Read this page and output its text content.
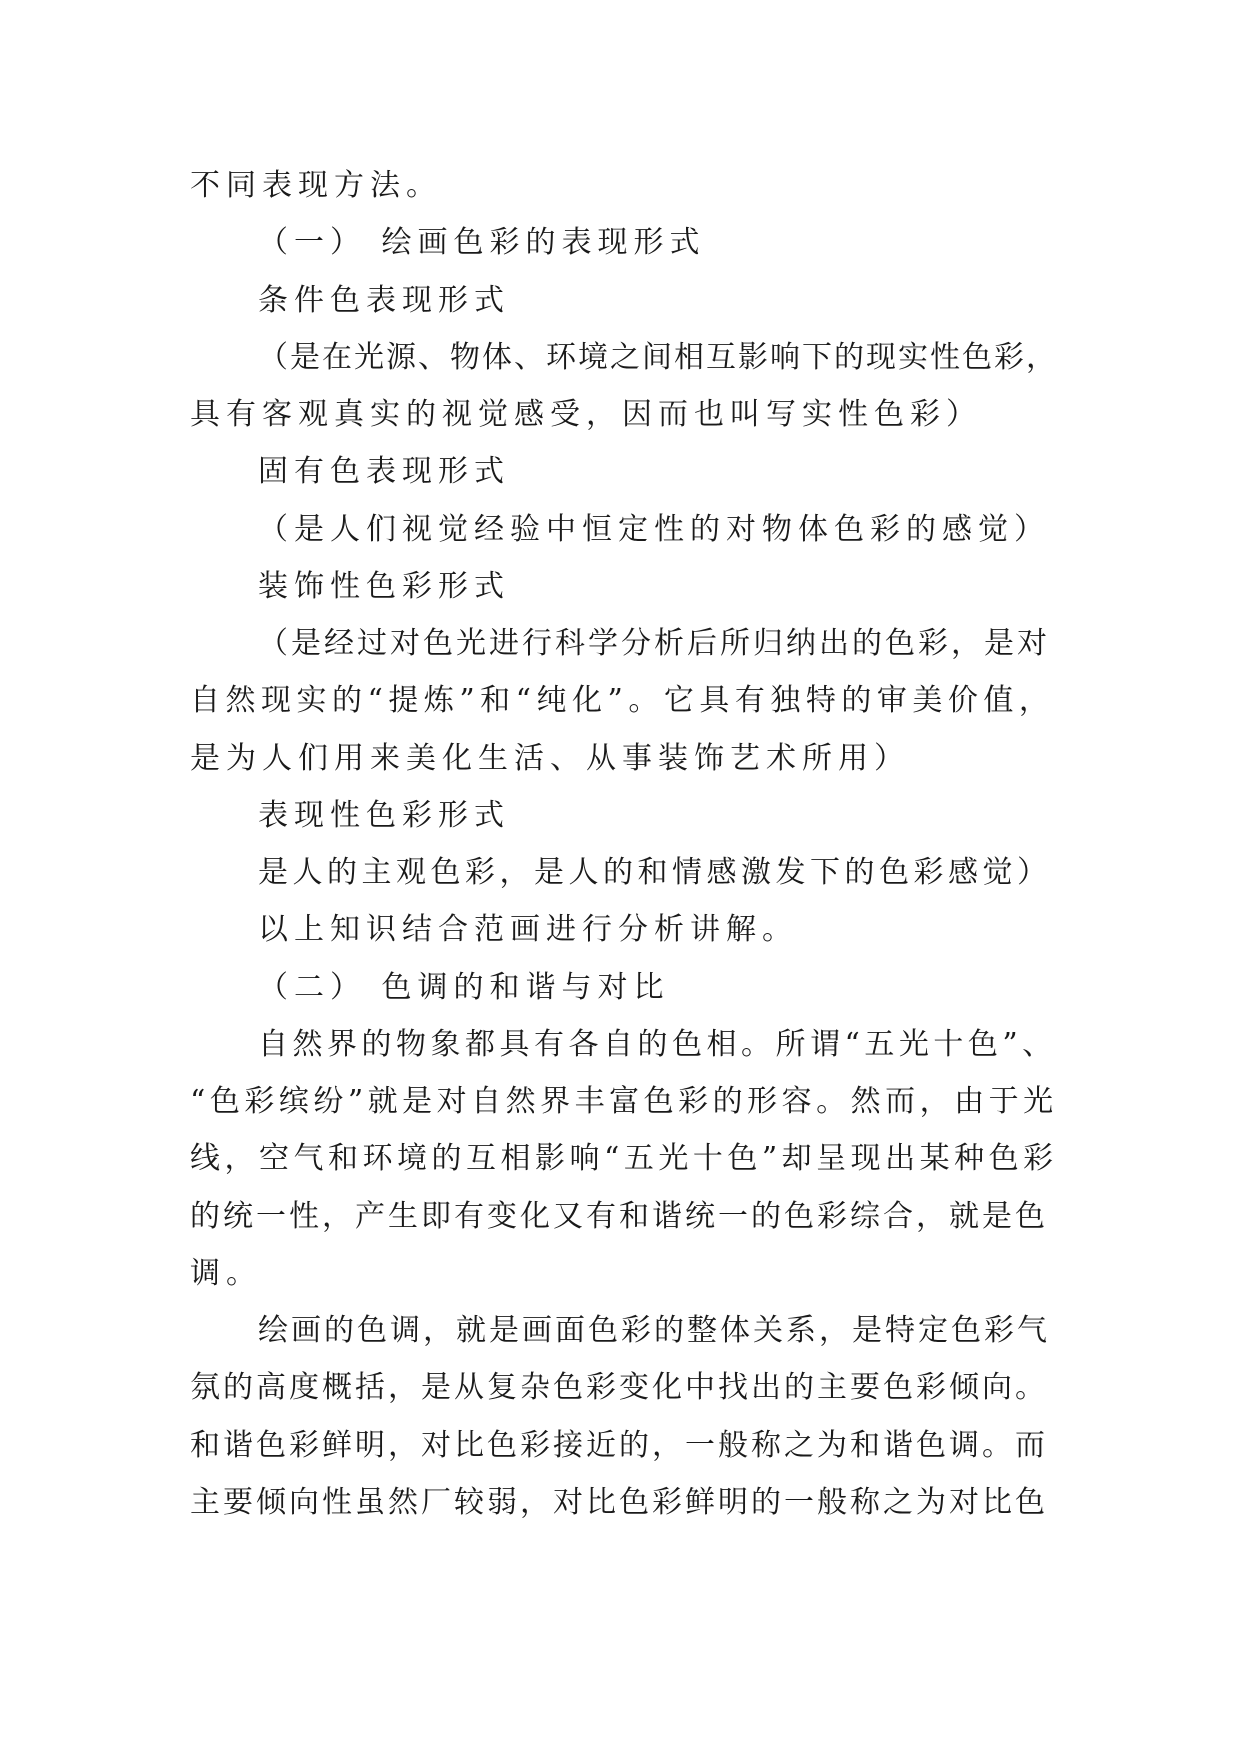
不同表现方法。

（一） 绘画色彩的表现形式

条件色表现形式

（是在光源、物体、环境之间相互影响下的现实性色彩，

具有客观真实的视觉感受，因而也叫写实性色彩）

固有色表现形式

（是人们视觉经验中恒定性的对物体色彩的感觉）

装饰性色彩形式

（是经过对色光进行科学分析后所归纳出的色彩，是对

自然现实的“提炼”和“纯化”。它具有独特的审美价值，

是为人们用来美化生活、从事装饰艺术所用）

表现性色彩形式

是人的主观色彩，是人的和情感激发下的色彩感觉）

以上知识结合范画进行分析讲解。

（二） 色调的和谐与对比

自然界的物象都具有各自的色相。所谓“五光十色”、

“色彩缤纷”就是对自然界丰富色彩的形容。然而，由于光

线，空气和环境的互相影响“五光十色”却呈现出某种色彩

的统一性，产生即有变化又有和谐统一的色彩综合，就是色

调。

绘画的色调，就是画面色彩的整体关系，是特定色彩气

氛的高度概括，是从复杂色彩变化中找出的主要色彩倾向。

和谐色彩鲜明，对比色彩接近的，一般称之为和谐色调。而

主要倾向性虽然厂较弱，对比色彩鲜明的一般称之为对比色
